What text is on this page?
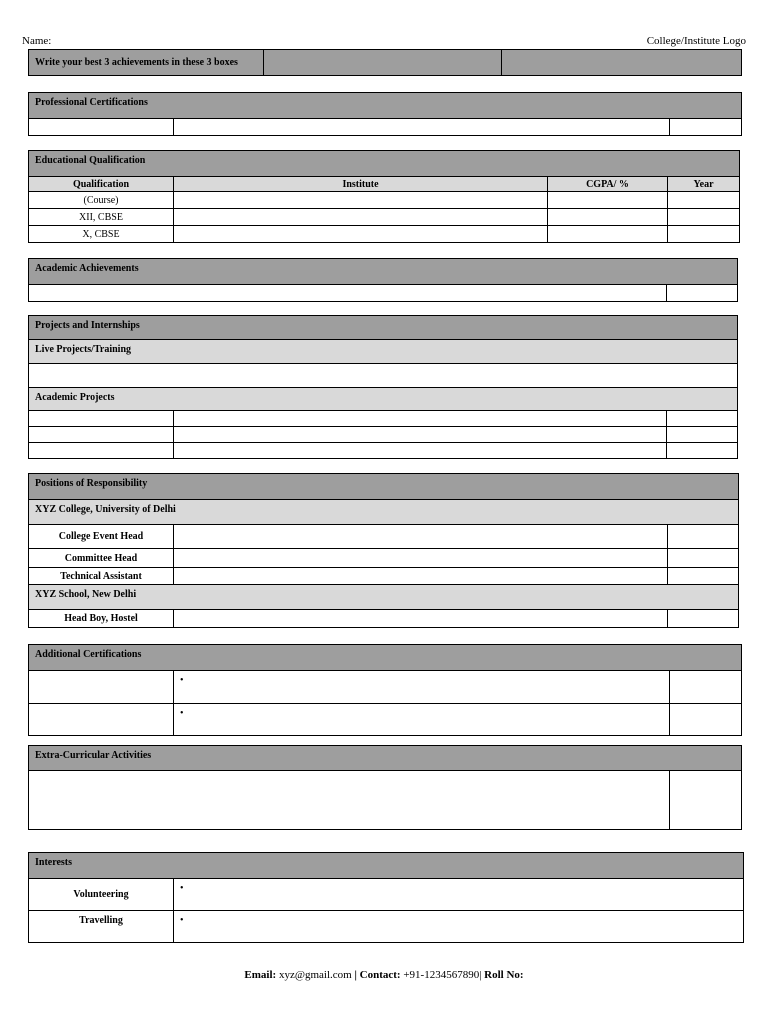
Name:	College/Institute Logo
Write your best 3 achievements in these 3 boxes		
Professional Certifications

Educational Qualification			
Qualification	Institute	CGPA/ %	Year
(Course)			
XII, CBSE			
X, CBSE			
Academic Achievements

Projects and Internships		
Live Projects/Training		

Academic Projects		

Positions of Responsibility		
XYZ College, University of Delhi		
College Event Head		
Committee Head		
Technical Assistant		
XYZ School, New Delhi		
Head Boy, Hostel		
Additional Certifications		
	•	
	•	
Extra-Curricular Activities

Interests	
Volunteering	•
Travelling	•
Email: xyz@gmail.com | Contact: +91-1234567890| Roll No:
